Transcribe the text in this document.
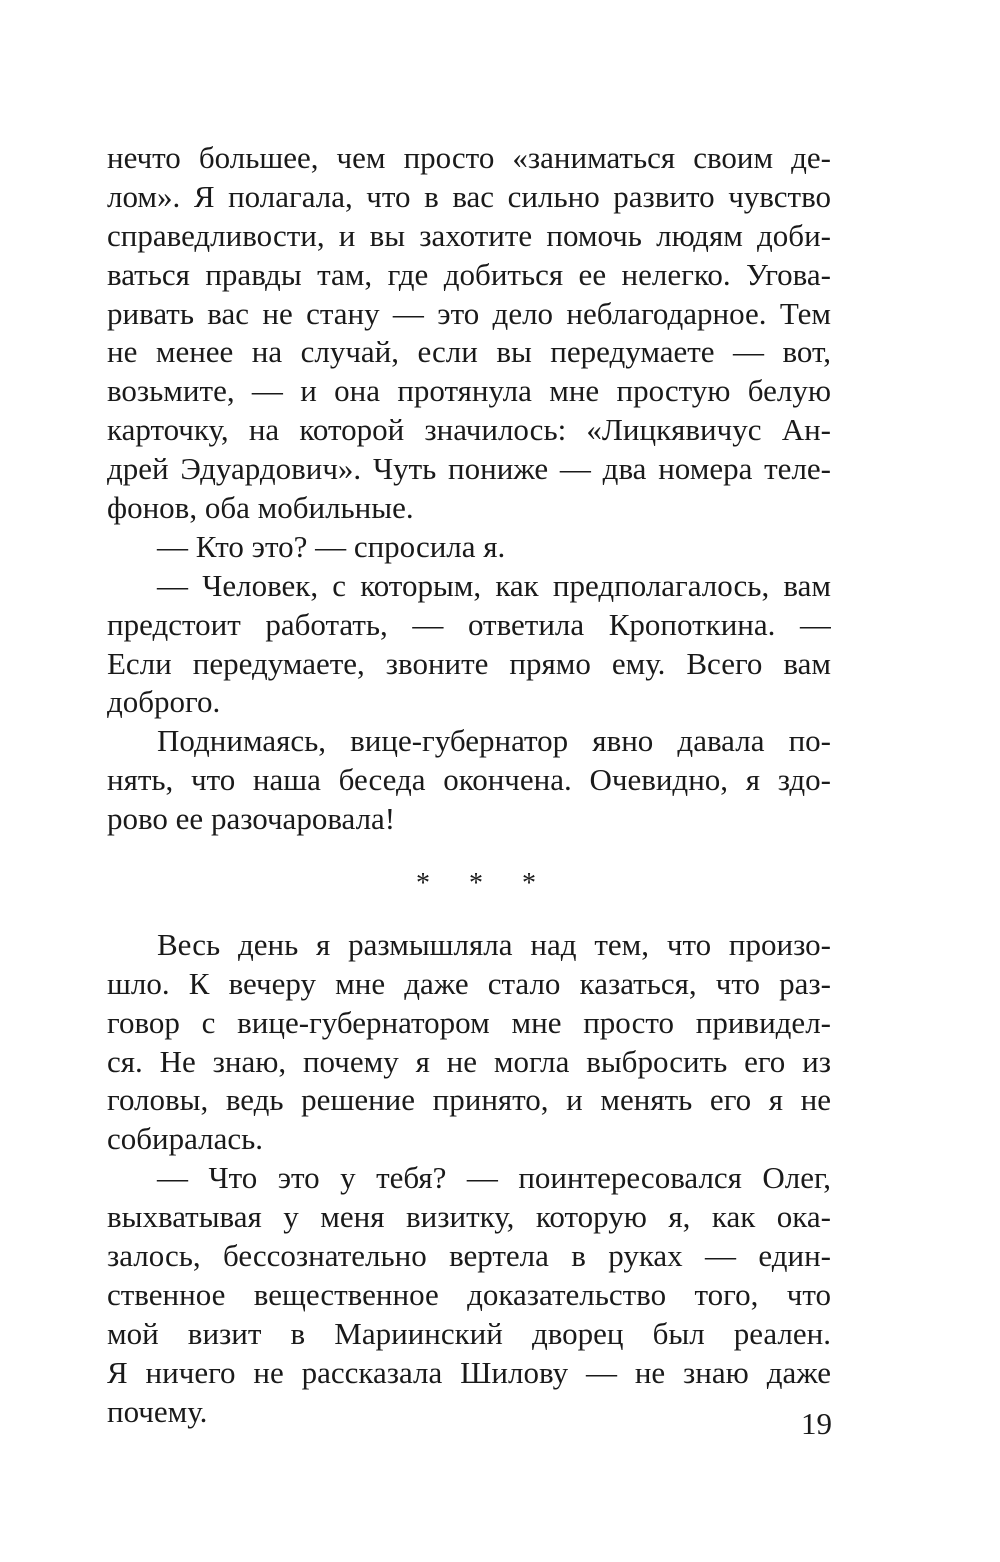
нечто большее, чем просто «заниматься своим де-
лом». Я полагала, что в вас сильно развито чувство
справедливости, и вы захотите помочь людям доби-
ваться правды там, где добиться ее нелегко. Угова-
ривать вас не стану — это дело неблагодарное. Тем
не менее на случай, если вы передумаете — вот,
возьмите, — и она протянула мне простую белую
карточку, на которой значилось: «Лицкявичус Ан-
дрей Эдуардович». Чуть пониже — два номера теле-
фонов, оба мобильные.
— Кто это? — спросила я.
— Человек, с которым, как предполагалось, вам
предстоит работать, — ответила Кропоткина. —
Если передумаете, звоните прямо ему. Всего вам
доброго.
Поднимаясь, вице-губернатор явно давала по-
нять, что наша беседа окончена. Очевидно, я здо-
рово ее разочаровала!
* * *
Весь день я размышляла над тем, что произо-
шло. К вечеру мне даже стало казаться, что раз-
говор с вице-губернатором мне просто привидел-
ся. Не знаю, почему я не могла выбросить его из
головы, ведь решение принято, и менять его я не
собиралась.
— Что это у тебя? — поинтересовался Олег,
выхватывая у меня визитку, которую я, как ока-
залось, бессознательно вертела в руках — един-
ственное вещественное доказательство того, что
мой визит в Мариинский дворец был реален.
Я ничего не рассказала Шилову — не знаю даже
почему.	19
